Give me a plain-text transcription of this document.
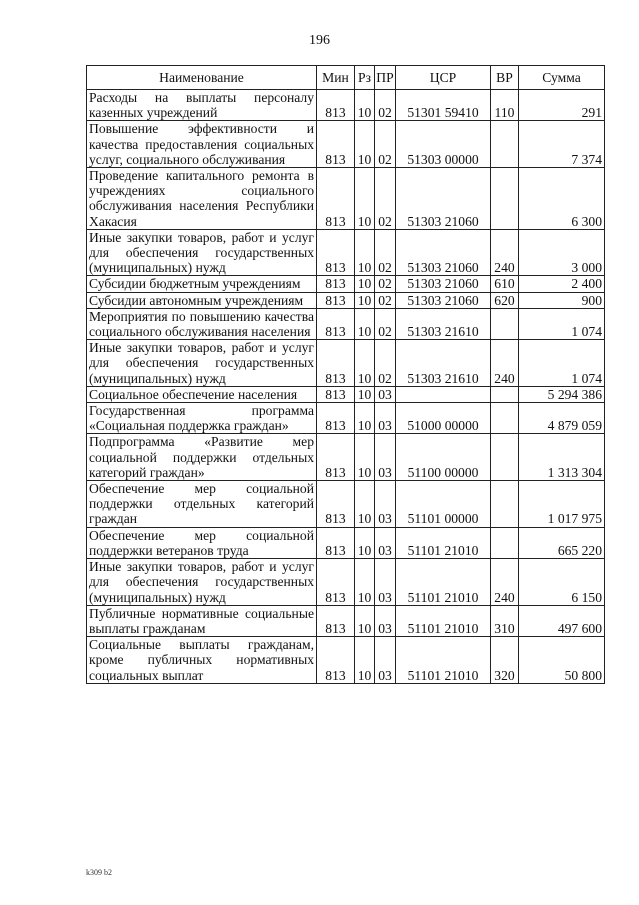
196
Наименование	Мин	Рз	ПР	ЦСР	ВР	Сумма
Расходы на выплаты персоналу казенных учреждений	813	10	02	51301 59410	110	291
Повышение эффективности и качества предоставления социальных услуг, социального обслуживания	813	10	02	51303 00000		7 374
Проведение капитального ремонта в учреждениях социального обслуживания населения Республики Хакасия	813	10	02	51303 21060		6 300
Иные закупки товаров, работ и услуг для обеспечения государственных (муниципальных) нужд	813	10	02	51303 21060	240	3 000
Субсидии бюджетным учреждениям	813	10	02	51303 21060	610	2 400
Субсидии автономным учреждениям	813	10	02	51303 21060	620	900
Мероприятия по повышению качества социального обслуживания населения	813	10	02	51303 21610		1 074
Иные закупки товаров, работ и услуг для обеспечения государственных (муниципальных) нужд	813	10	02	51303 21610	240	1 074
Социальное обеспечение населения	813	10	03			5 294 386
Государственная программа «Социальная поддержка граждан»	813	10	03	51000 00000		4 879 059
Подпрограмма «Развитие мер социальной поддержки отдельных категорий граждан»	813	10	03	51100 00000		1 313 304
Обеспечение мер социальной поддержки отдельных категорий граждан	813	10	03	51101 00000		1 017 975
Обеспечение мер социальной поддержки ветеранов труда	813	10	03	51101 21010		665 220
Иные закупки товаров, работ и услуг для обеспечения государственных (муниципальных) нужд	813	10	03	51101 21010	240	6 150
Публичные нормативные социальные выплаты гражданам	813	10	03	51101 21010	310	497 600
Социальные выплаты гражданам, кроме публичных нормативных социальных выплат	813	10	03	51101 21010	320	50 800
k309 b2
